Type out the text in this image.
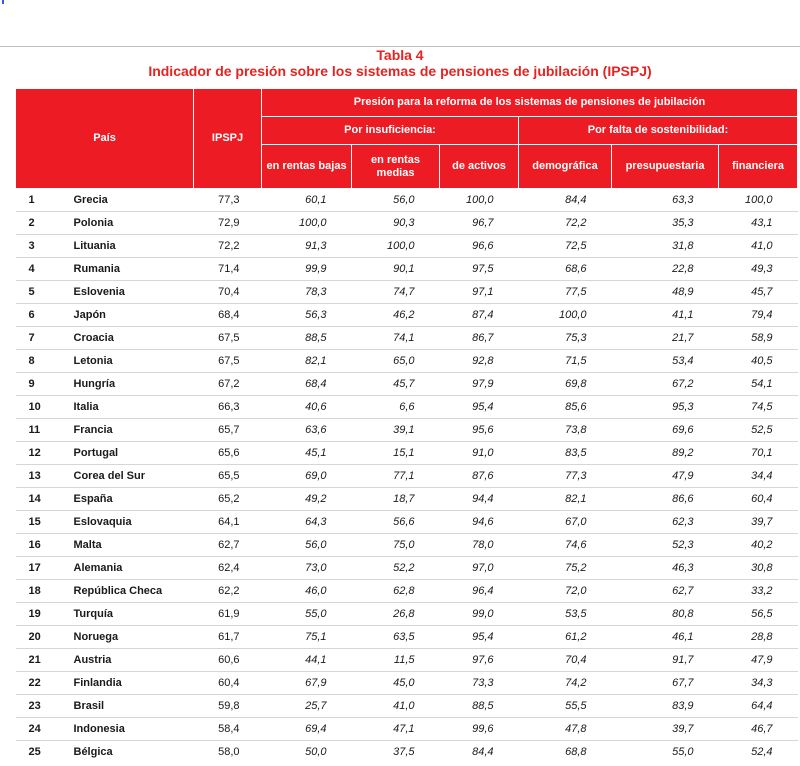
Tabla 4
Indicador de presión sobre los sistemas de pensiones de jubilación (IPSPJ)
País		IPSPJ	Presión para la reforma de los sistemas de pensiones de jubilación					
			Por insuficiencia:			Por falta de sostenibilidad:		
			en rentas bajas	en rentas medias	de activos	demográfica	presupuestaria	financiera
1	Grecia	77,3	60,1	56,0	100,0	84,4	63,3	100,0
2	Polonia	72,9	100,0	90,3	96,7	72,2	35,3	43,1
3	Lituania	72,2	91,3	100,0	96,6	72,5	31,8	41,0
4	Rumania	71,4	99,9	90,1	97,5	68,6	22,8	49,3
5	Eslovenia	70,4	78,3	74,7	97,1	77,5	48,9	45,7
6	Japón	68,4	56,3	46,2	87,4	100,0	41,1	79,4
7	Croacia	67,5	88,5	74,1	86,7	75,3	21,7	58,9
8	Letonia	67,5	82,1	65,0	92,8	71,5	53,4	40,5
9	Hungría	67,2	68,4	45,7	97,9	69,8	67,2	54,1
10	Italia	66,3	40,6	6,6	95,4	85,6	95,3	74,5
11	Francia	65,7	63,6	39,1	95,6	73,8	69,6	52,5
12	Portugal	65,6	45,1	15,1	91,0	83,5	89,2	70,1
13	Corea del Sur	65,5	69,0	77,1	87,6	77,3	47,9	34,4
14	España	65,2	49,2	18,7	94,4	82,1	86,6	60,4
15	Eslovaquia	64,1	64,3	56,6	94,6	67,0	62,3	39,7
16	Malta	62,7	56,0	75,0	78,0	74,6	52,3	40,2
17	Alemania	62,4	73,0	52,2	97,0	75,2	46,3	30,8
18	República Checa	62,2	46,0	62,8	96,4	72,0	62,7	33,2
19	Turquía	61,9	55,0	26,8	99,0	53,5	80,8	56,5
20	Noruega	61,7	75,1	63,5	95,4	61,2	46,1	28,8
21	Austria	60,6	44,1	11,5	97,6	70,4	91,7	47,9
22	Finlandia	60,4	67,9	45,0	73,3	74,2	67,7	34,3
23	Brasil	59,8	25,7	41,0	88,5	55,5	83,9	64,4
24	Indonesia	58,4	69,4	47,1	99,6	47,8	39,7	46,7
25	Bélgica	58,0	50,0	37,5	84,4	68,8	55,0	52,4
